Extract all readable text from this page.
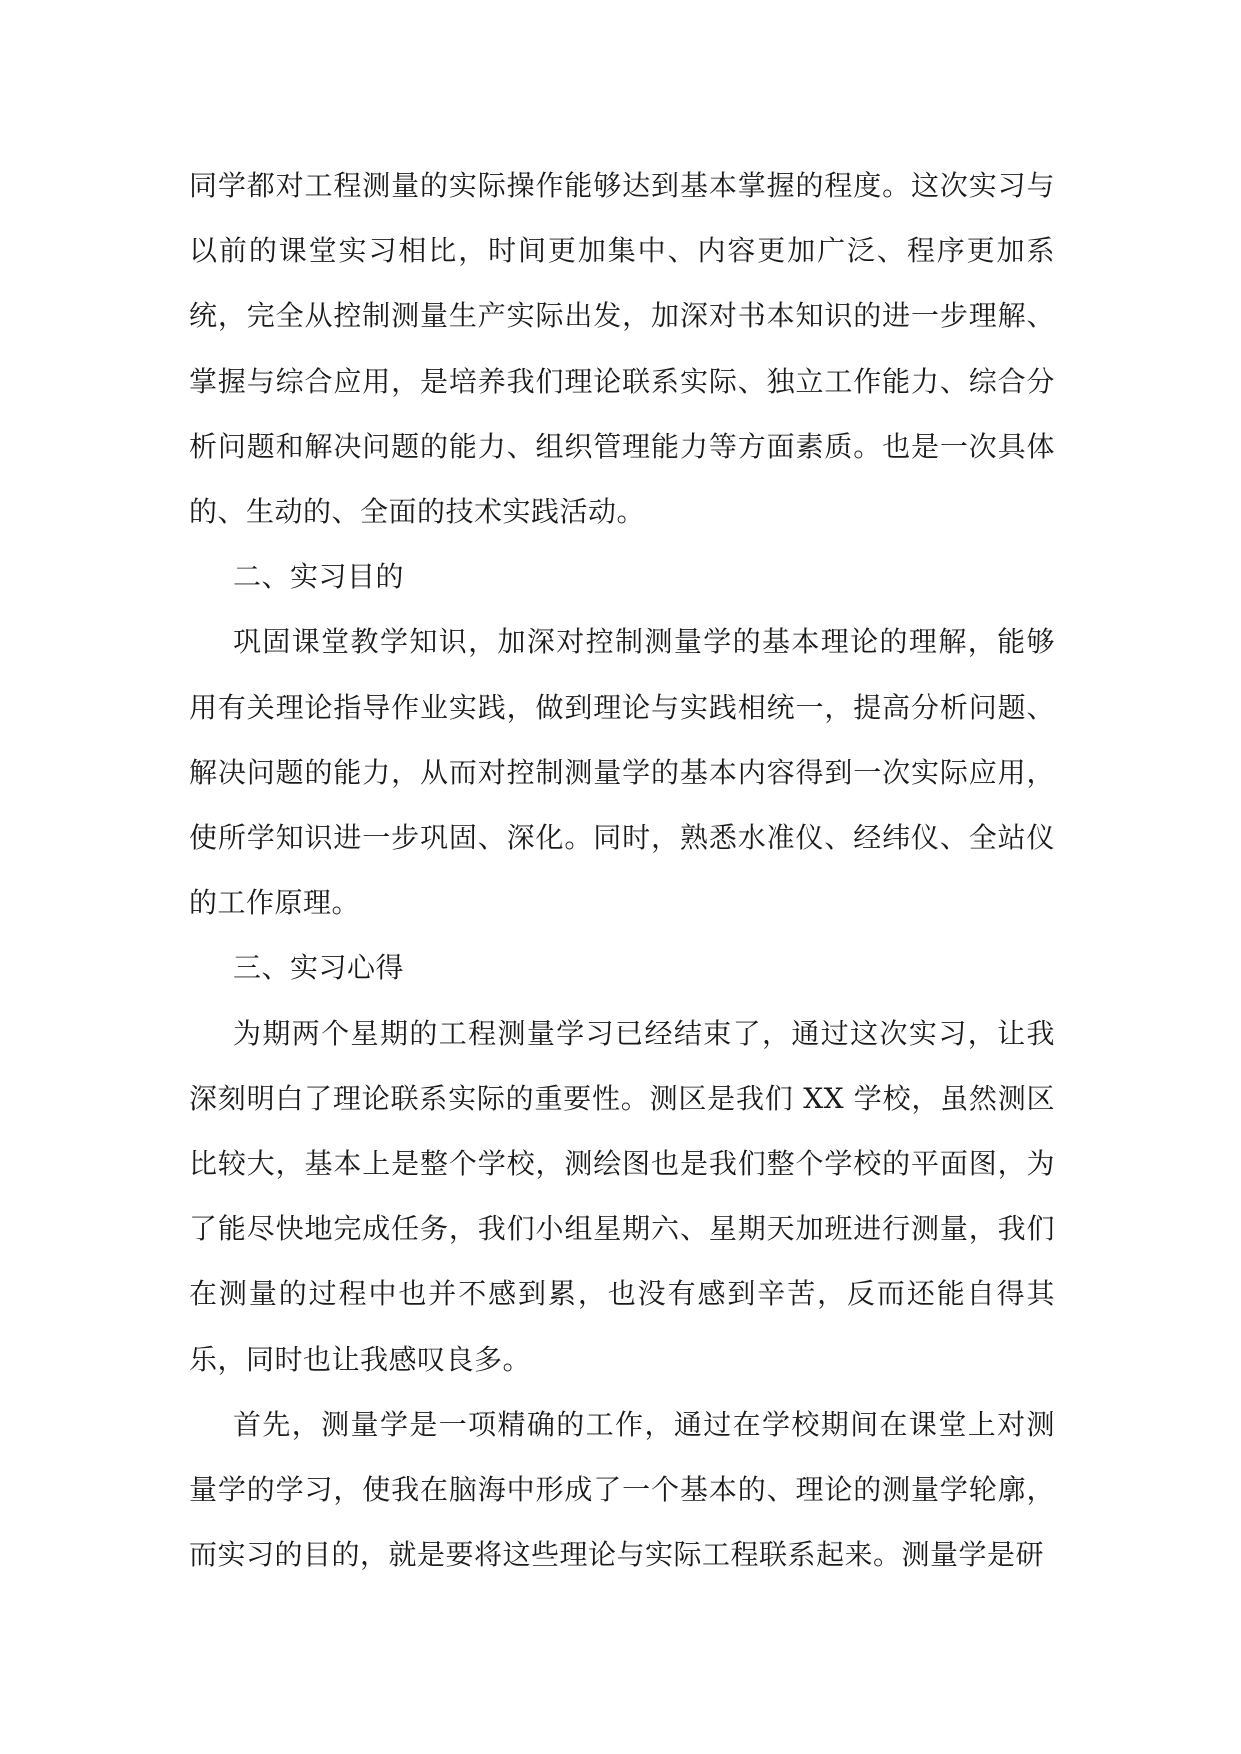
同学都对工程测量的实际操作能够达到基本掌握的程度。这次实习与以前的课堂实习相比，时间更加集中、内容更加广泛、程序更加系统，完全从控制测量生产实际出发，加深对书本知识的进一步理解、掌握与综合应用，是培养我们理论联系实际、独立工作能力、综合分析问题和解决问题的能力、组织管理能力等方面素质。也是一次具体的、生动的、全面的技术实践活动。

二、实习目的

巩固课堂教学知识，加深对控制测量学的基本理论的理解，能够用有关理论指导作业实践，做到理论与实践相统一，提高分析问题、解决问题的能力，从而对控制测量学的基本内容得到一次实际应用，使所学知识进一步巩固、深化。同时，熟悉水准仪、经纬仪、全站仪的工作原理。

三、实习心得

为期两个星期的工程测量学习已经结束了，通过这次实习，让我深刻明白了理论联系实际的重要性。测区是我们 XX 学校，虽然测区比较大，基本上是整个学校，测绘图也是我们整个学校的平面图，为了能尽快地完成任务，我们小组星期六、星期天加班进行测量，我们在测量的过程中也并不感到累，也没有感到辛苦，反而还能自得其乐，同时也让我感叹良多。

首先，测量学是一项精确的工作，通过在学校期间在课堂上对测量学的学习，使我在脑海中形成了一个基本的、理论的测量学轮廓，而实习的目的，就是要将这些理论与实际工程联系起来。测量学是研
